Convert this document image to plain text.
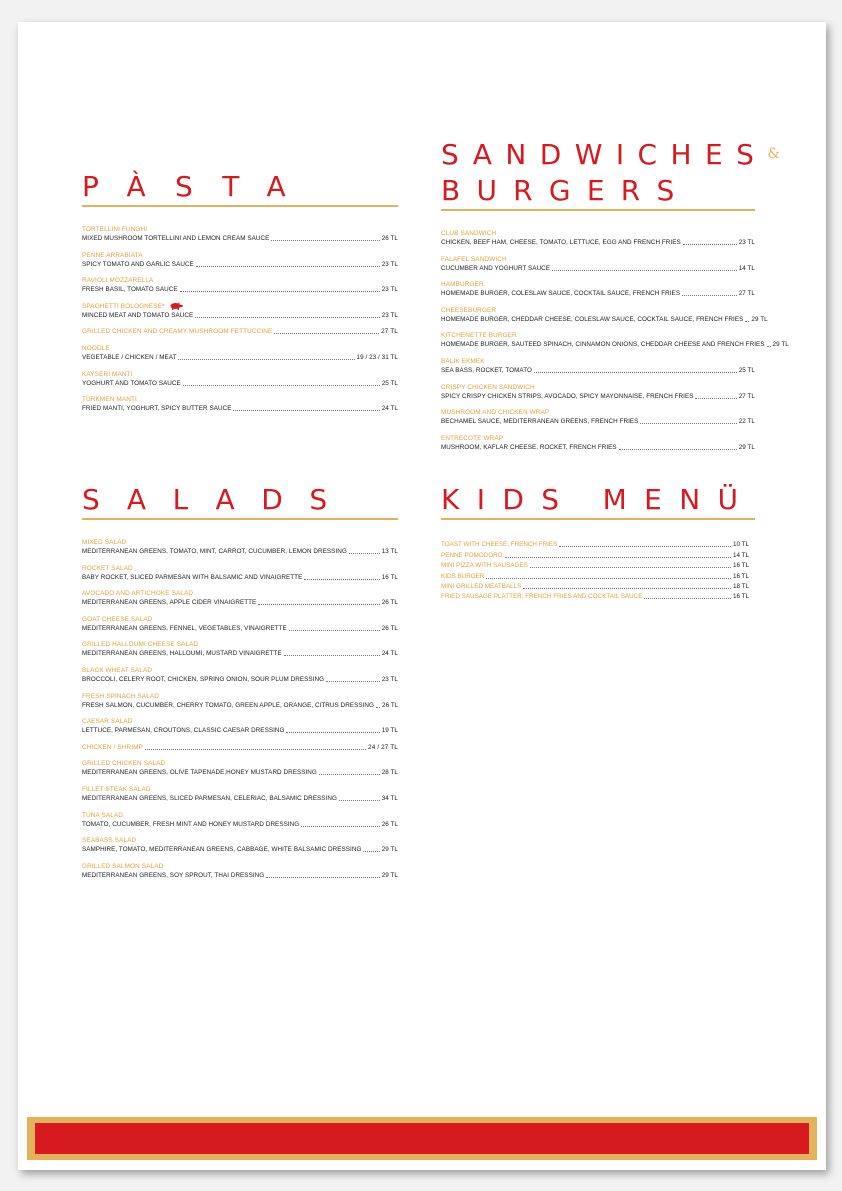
PÀSTA
TORTELLINI FUNGHI
MIXED MUSHROOM TORTELLINI AND LEMON CREAM SAUCE	26 TL
PENNE ARRABIATA
SPICY TOMATO AND GARLIC SAUCE	23 TL
RAVIOLI MOZZARELLA
FRESH BASIL, TOMATO SAUCE	23 TL
SPAGHETTI BOLOGNESE*
MINCED MEAT AND TOMATO SAUCE	23 TL
GRILLED CHICKEN AND CREAMY MUSHROOM FETTUCCINE	27 TL
NOODLE
VEGETABLE / CHICKEN / MEAT	19 / 23 / 31 TL
KAYSERİ MANTI
YOGHURT AND TOMATO SAUCE	25 TL
TÜRKMEN MANTI
FRIED MANTI, YOGHURT, SPICY BUTTER SAUCE	24 TL
SANDWICHES&
BURGERS
CLUB SANDWICH
CHICKEN, BEEF HAM, CHEESE, TOMATO, LETTUCE, EGG AND FRENCH FRIES	23 TL
FALAFEL SANDWICH
CUCUMBER AND YOGHURT SAUCE	14 TL
HAMBURGER
HOMEMADE BURGER, COLESLAW SAUCE, COCKTAIL SAUCE, FRENCH FRIES	27 TL
CHEESEBURGER
HOMEMADE BURGER, CHEDDAR CHEESE, COLESLAW SAUCE, COCKTAIL SAUCE, FRENCH FRIES 29 TL
KITCHENETTE BURGER
HOMEMADE BURGER, SAUTEED SPINACH, CINNAMON ONIONS, CHEDDAR CHEESE AND FRENCH FRIES 29 TL
BALIK EKMEK
SEA BASS, ROCKET, TOMATO	25 TL
CRISPY CHICKEN SANDWICH
SPICY CRISPY CHICKEN STRIPS, AVOCADO, SPICY MAYONNAISE, FRENCH FRIES	27 TL
MUSHROOM AND CHICKEN WRAP
BECHAMEL SAUCE, MEDITERRANEAN GREENS, FRENCH FRIES	22 TL
ENTRECOTE WRAP
MUSHROOM, KAFLAR CHEESE, ROCKET, FRENCH FRIES	29 TL
SALADS
MIXED SALAD
MEDITERRANEAN GREENS, TOMATO, MINT, CARROT, CUCUMBER, LEMON DRESSING	13 TL
ROCKET SALAD
BABY ROCKET, SLICED PARMESAN WITH BALSAMIC AND VINAIGRETTE	16 TL
AVOCADO AND ARTICHOKE SALAD
MEDITERRANEAN GREENS, APPLE CIDER VINAIGRETTE	26 TL
GOAT CHEESE SALAD
MEDITERRANEAN GREENS, FENNEL, VEGETABLES, VINAIGRETTE	26 TL
GRILLED HALLOUMI CHEESE SALAD
MEDITERRANEAN GREENS, HALLOUMI, MUSTARD VINAIGRETTE	24 TL
BLACK WHEAT SALAD
BROCCOLI, CELERY ROOT, CHICKEN, SPRING ONION, SOUR PLUM DRESSING	23 TL
FRESH SPINACH SALAD
FRESH SALMON, CUCUMBER, CHERRY TOMATO, GREEN APPLE, ORANGE, CITRUS DRESSING 26 TL
CAESAR SALAD
LETTUCE, PARMESAN, CROUTONS, CLASSIC CAESAR DRESSING	19 TL
CHICKEN / SHRIMP	24 / 27 TL
GRILLED CHICKEN SALAD
MEDITERRANEAN GREENS, OLIVE TAPENADE,HONEY MUSTARD DRESSING	28 TL
FILLET STEAK SALAD
MEDITERRANEAN GREENS, SLICED PARMESAN, CELERIAC, BALSAMIC DRESSING	34 TL
TUNA SALAD
TOMATO, CUCUMBER, FRESH MINT AND HONEY MUSTARD DRESSING	26 TL
SEABASS SALAD
SAMPHIRE, TOMATO, MEDITERRANEAN GREENS, CABBAGE, WHITE BALSAMIC DRESSING	29 TL
GRILLED SALMON SALAD
MEDITERRANEAN GREENS, SOY SPROUT, THAI DRESSING	29 TL
KIDS MENÜ
TOAST WITH CHEESE, FRENCH FRIES	10 TL
PENNE POMODORO	14 TL
MINI PIZZA WITH SAUSAGES	16 TL
KIDS BURGER	16 TL
MINI GRILLED MEATBALLS	18 TL
FRIED SAUSAGE PLATTER, FRENCH FRIES AND COCKTAIL SAUCE	16 TL
